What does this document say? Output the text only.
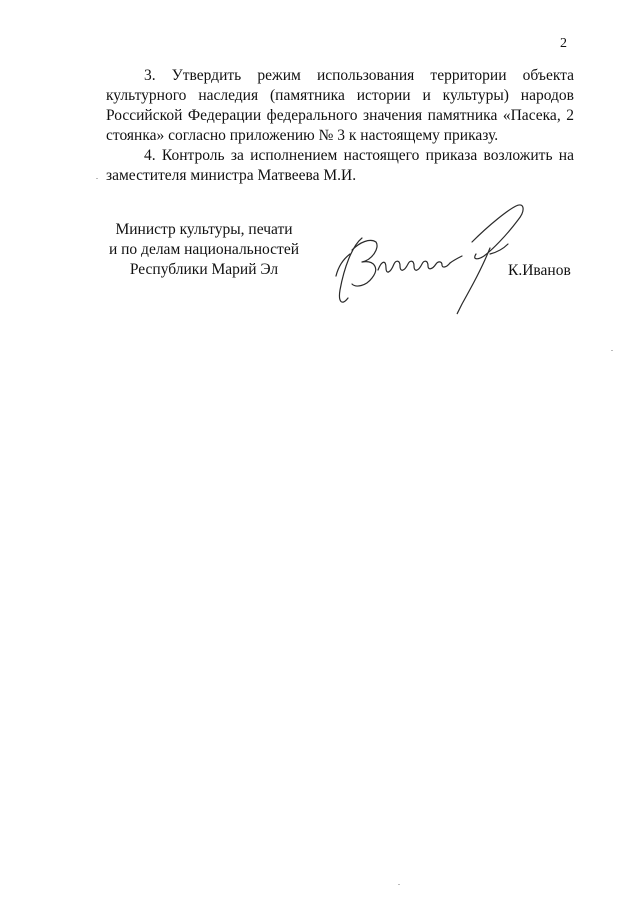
2

3. Утвердить режим использования территории объекта культурного наследия (памятника истории и культуры) народов Российской Федерации федерального значения памятника «Пасека, 2 стоянка» согласно приложению № 3 к настоящему приказу.

4. Контроль за исполнением настоящего приказа возложить на заместителя министра Матвеева М.И.

Министр культуры, печати
и по делам национальностей
Республики Марий Эл	К.Иванов
